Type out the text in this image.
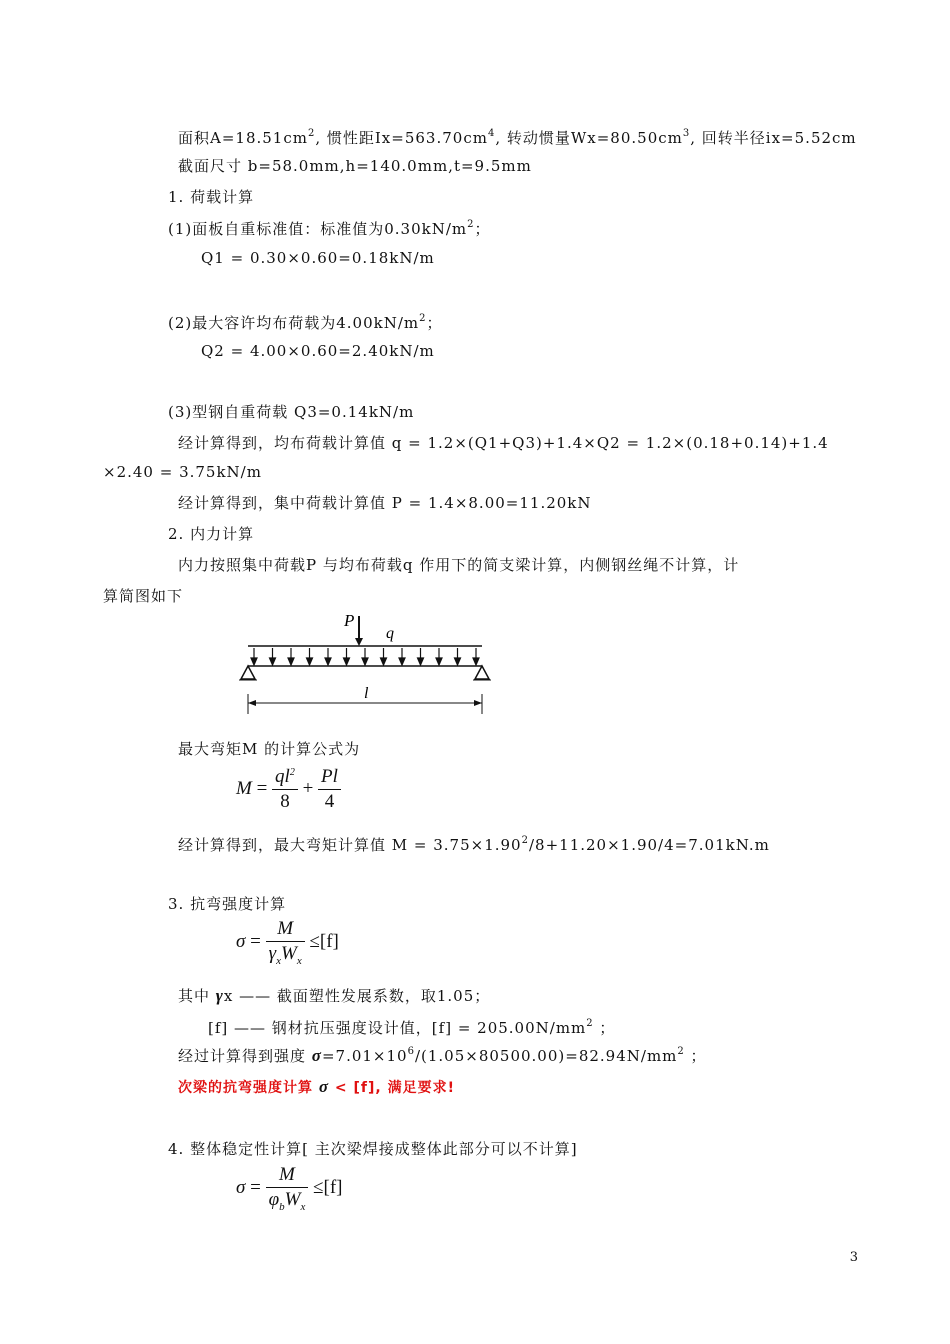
面积$A=18.51cm^2$, 惯性距$Ix=563.70cm^4$, 转动惯量$Wx=80.50cm^3$, 回转半径ix=5.52cm
截面尺寸 b=58.0mm,h=140.0mm,t=9.5mm
1. 荷载计算
(1)面板自重标准值：标准值为$0.30kN/m^2$；
Q1 = 0.30×0.60=0.18kN/m
(2)最大容许均布荷载为$4.00kN/m^2$；
Q2 = 4.00×0.60=2.40kN/m
(3)型钢自重荷载 Q3=0.14kN/m
经计算得到，均布荷载计算值 q = 1.2×(Q1+Q3)+1.4×Q2 = 1.2×(0.18+0.14)+1.4
×2.40 = 3.75kN/m
经计算得到，集中荷载计算值 P = 1.4×8.00=11.20kN
2. 内力计算
内力按照集中荷载P 与均布荷载q 作用下的简支梁计算，内侧钢丝绳不计算，计
算简图如下
P
q
l
最大弯矩M 的计算公式为
$M = \frac{ql^2}{8} + \frac{Pl}{4}$
经计算得到，最大弯矩计算值 $M = 3.75\times 1.90^2/8+11.20\times 1.90/4=7.01kN.m$
3. 抗弯强度计算
$\sigma = \frac{M}{\gamma_xW_x} \le[f]$
其中 γx —— 截面塑性发展系数，取1.05；
[f] —— 钢材抗压强度设计值，$[f] = 205.00N/mm^2$ ；
经过计算得到强度 $\sigma=7.01\times 10^6/(1.05\times 80500.00)=82.94N/mm^2$ ；
次梁的抗弯强度计算 σ < [f], 满足要求!
4. 整体稳定性计算[ 主次梁焊接成整体此部分可以不计算]
$\sigma = \frac{M}{\varphi_bW_x} \le[f]$
3
